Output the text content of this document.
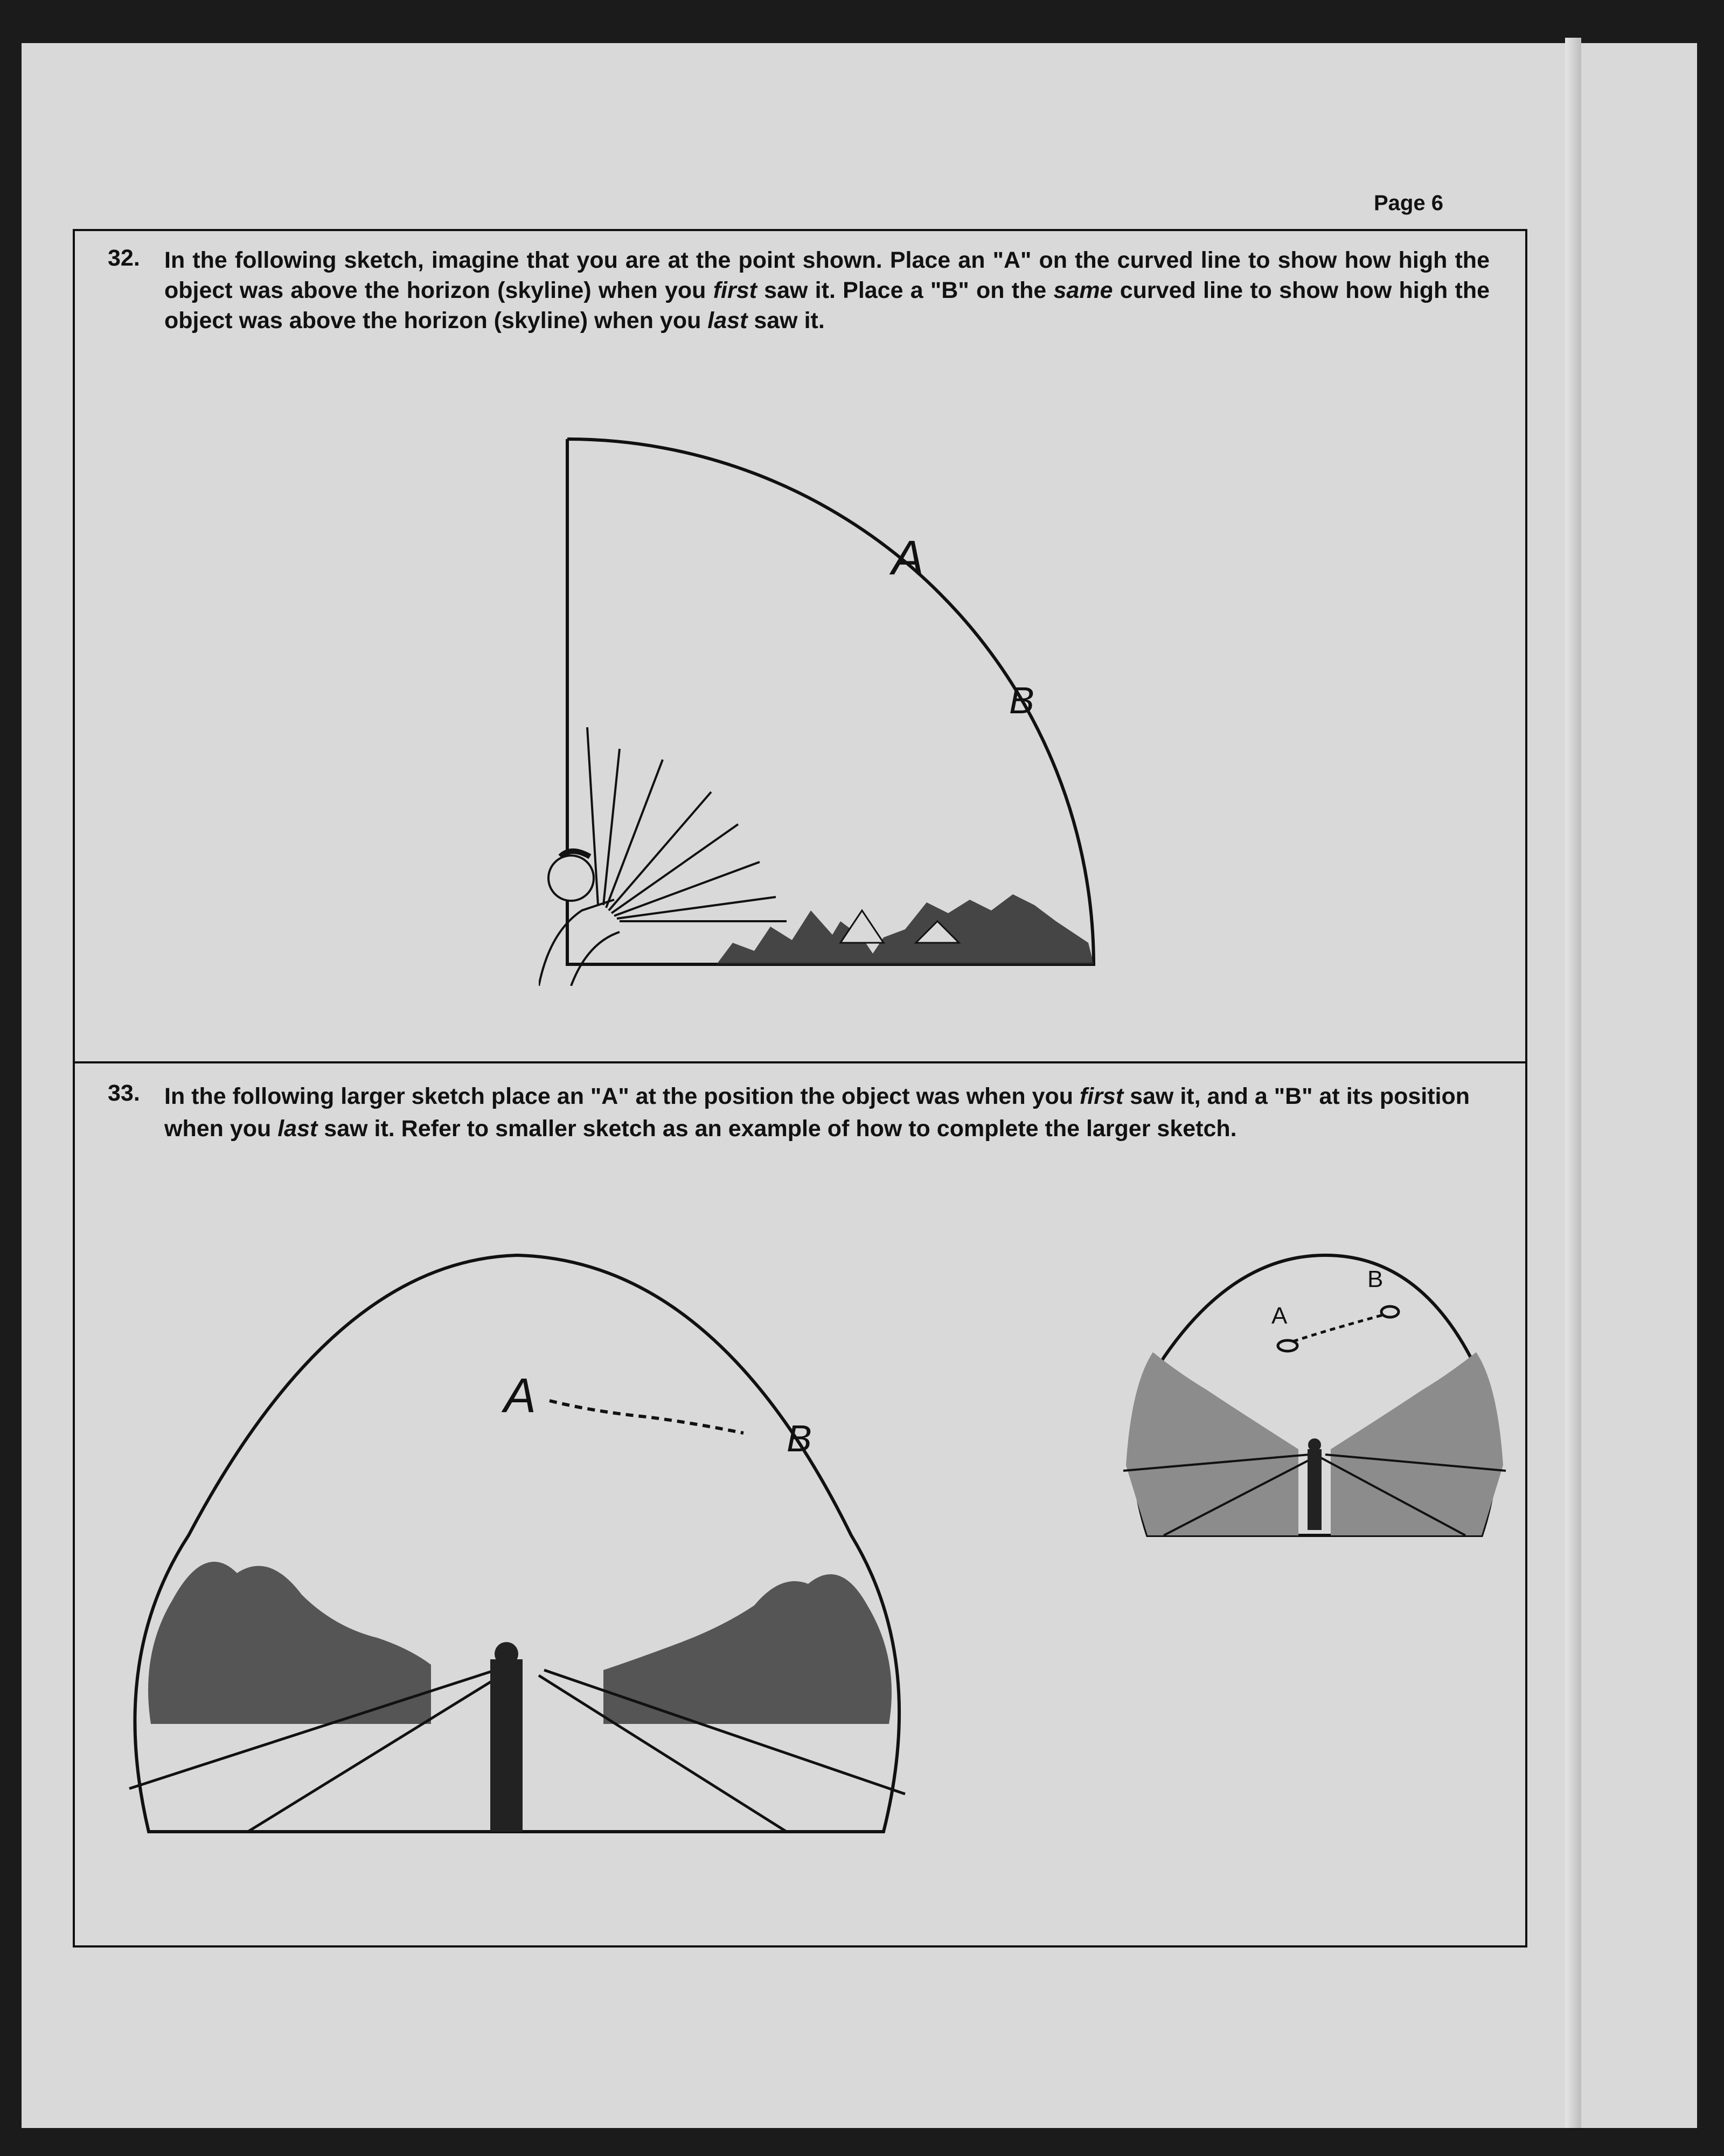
Page 6
32. In the following sketch, imagine that you are at the point shown. Place an "A" on the curved line to show how high the object was above the horizon (skyline) when you first saw it. Place a "B" on the same curved line to show how high the object was above the horizon (skyline) when you last saw it.
A
B
33. In the following larger sketch place an "A" at the position the object was when you first saw it, and a "B" at its position when you last saw it. Refer to smaller sketch as an example of how to complete the larger sketch.
A
B
A
B
